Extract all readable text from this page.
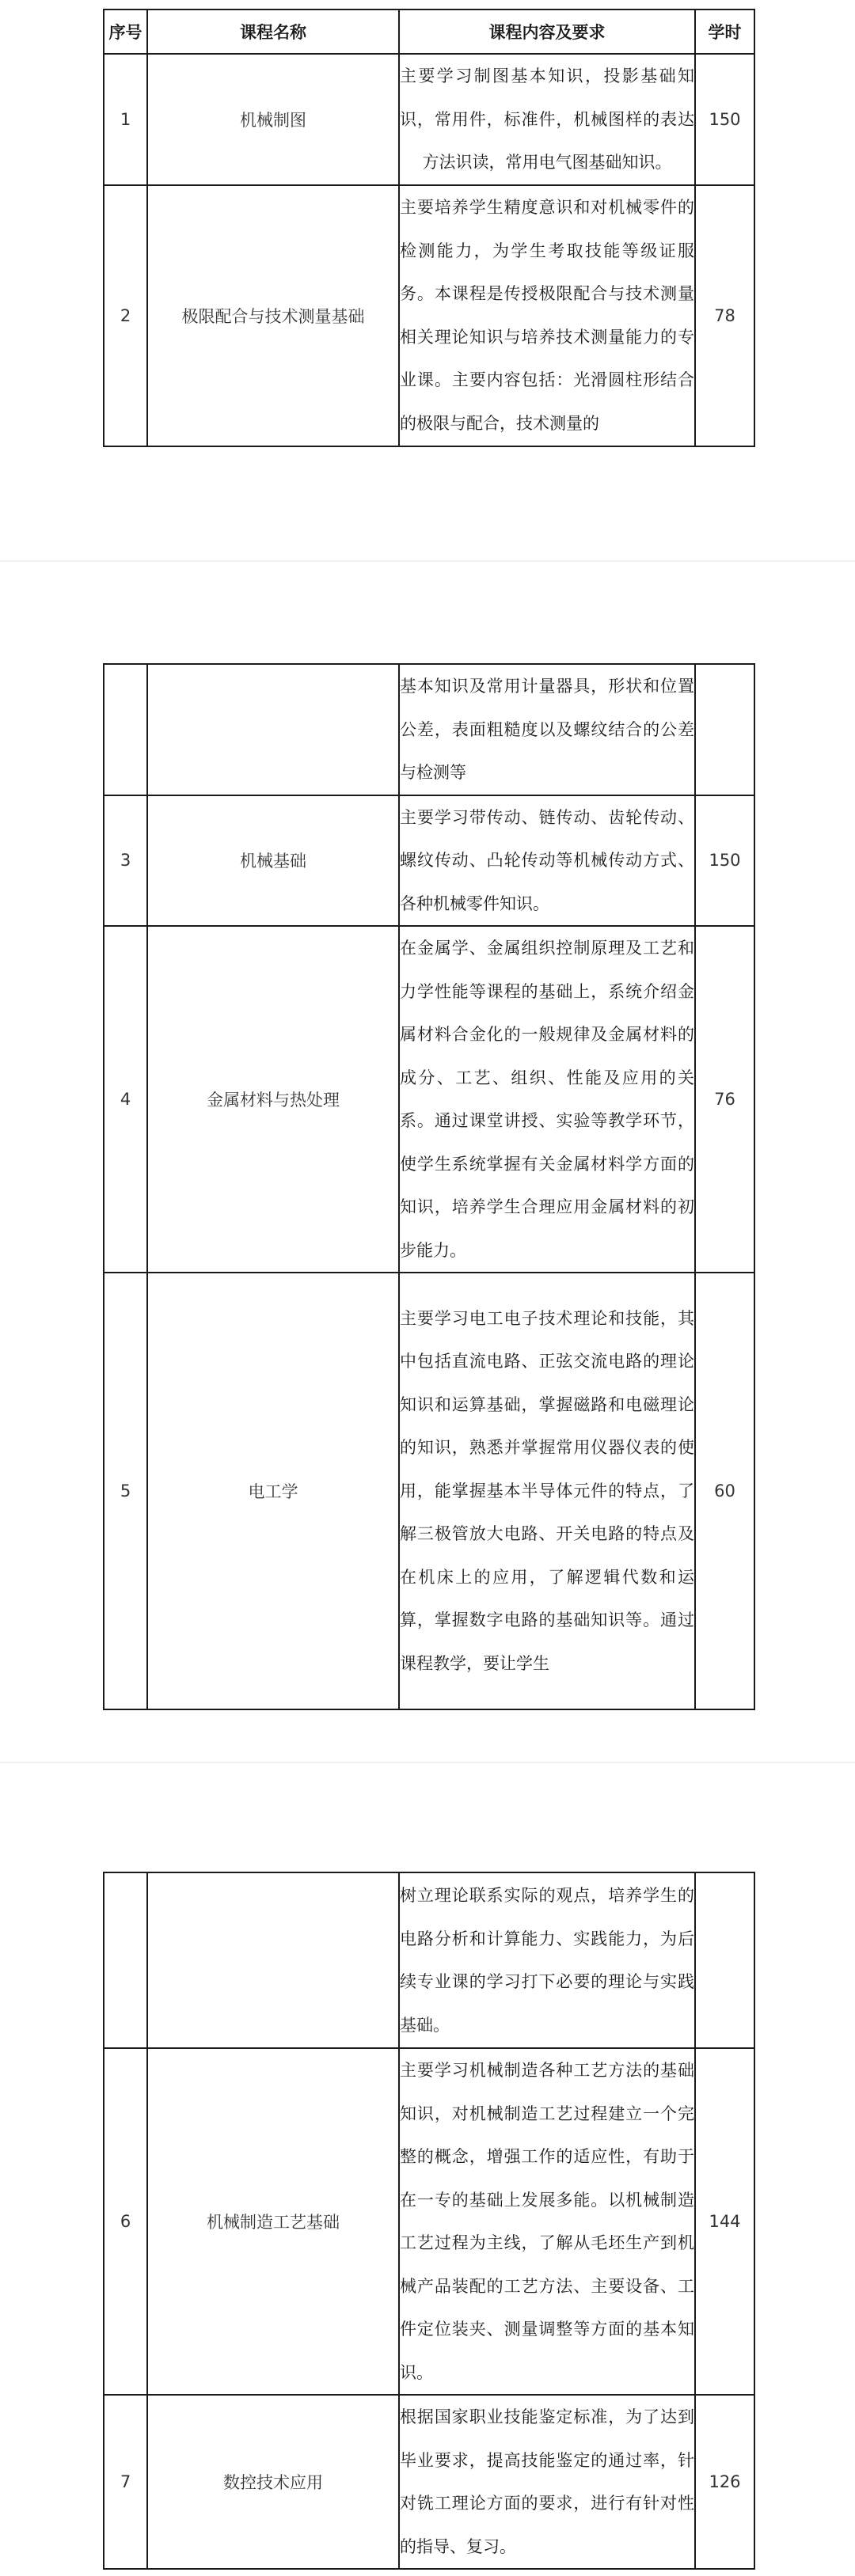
序号	课程名称	课程内容及要求	学时
1	机械制图	主要学习制图基本知识，投影基础知识，常用件，标准件，机械图样的表达方法识读，常用电气图基础知识。	150
2	极限配合与技术测量基础	主要培养学生精度意识和对机械零件的检测能力，为学生考取技能等级证服务。本课程是传授极限配合与技术测量相关理论知识与培养技术测量能力的专业课。主要内容包括：光滑圆柱形结合的极限与配合，技术测量的	78
		基本知识及常用计量器具，形状和位置公差，表面粗糙度以及螺纹结合的公差与检测等	
3	机械基础	主要学习带传动、链传动、齿轮传动、螺纹传动、凸轮传动等机械传动方式、各种机械零件知识。	150
4	金属材料与热处理	在金属学、金属组织控制原理及工艺和力学性能等课程的基础上，系统介绍金属材料合金化的一般规律及金属材料的成分、工艺、组织、性能及应用的关系。通过课堂讲授、实验等教学环节，使学生系统掌握有关金属材料学方面的知识，培养学生合理应用金属材料的初步能力。	76
5	电工学	主要学习电工电子技术理论和技能，其中包括直流电路、正弦交流电路的理论知识和运算基础，掌握磁路和电磁理论的知识，熟悉并掌握常用仪器仪表的使用，能掌握基本半导体元件的特点，了解三极管放大电路、开关电路的特点及在机床上的应用，了解逻辑代数和运算，掌握数字电路的基础知识等。通过课程教学，要让学生	60
		树立理论联系实际的观点，培养学生的电路分析和计算能力、实践能力，为后续专业课的学习打下必要的理论与实践基础。	
6	机械制造工艺基础	主要学习机械制造各种工艺方法的基础知识，对机械制造工艺过程建立一个完整的概念，增强工作的适应性，有助于在一专的基础上发展多能。以机械制造工艺过程为主线，了解从毛坯生产到机械产品装配的工艺方法、主要设备、工件定位装夹、测量调整等方面的基本知识。	144
7	数控技术应用	根据国家职业技能鉴定标准，为了达到毕业要求，提高技能鉴定的通过率，针对铣工理论方面的要求，进行有针对性的指导、复习。	126
